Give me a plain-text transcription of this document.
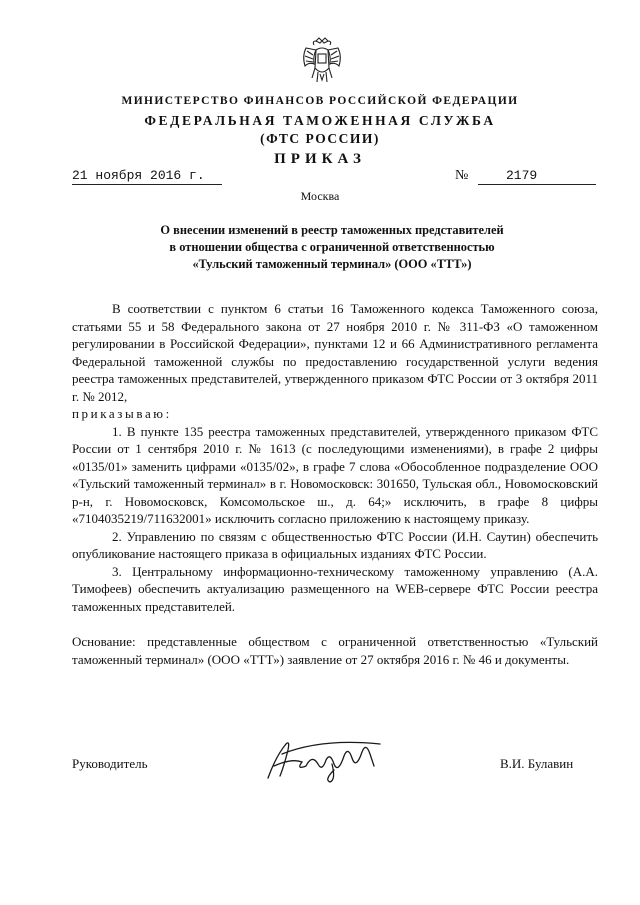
МИНИСТЕРСТВО ФИНАНСОВ РОССИЙСКОЙ ФЕДЕРАЦИИ
ФЕДЕРАЛЬНАЯ ТАМОЖЕННАЯ СЛУЖБА
(ФТС РОССИИ)
ПРИКАЗ
21 ноября 2016 г.	№	2179
Москва
О внесении изменений в реестр таможенных представителей
в отношении общества с ограниченной ответственностью
«Тульский таможенный терминал» (ООО «ТТТ»)

В соответствии с пунктом 6 статьи 16 Таможенного кодекса Таможенного союза, статьями 55 и 58 Федерального закона от 27 ноября 2010 г. № 311-ФЗ «О таможенном регулировании в Российской Федерации», пунктами 12 и 66 Административного регламента Федеральной таможенной службы по предоставлению государственной услуги ведения реестра таможенных представителей, утвержденного приказом ФТС России от 3 октября 2011 г. № 2012,

приказываю:

1. В пункте 135 реестра таможенных представителей, утвержденного приказом ФТС России от 1 сентября 2010 г. № 1613 (с последующими изменениями), в графе 2 цифры «0135/01» заменить цифрами «0135/02», в графе 7 слова «Обособленное подразделение ООО «Тульский таможенный терминал» в г. Новомосковск: 301650, Тульская обл., Новомосковский р-н, г. Новомосковск, Комсомольское ш., д. 64;» исключить, в графе 8 цифры «7104035219/711632001» исключить согласно приложению к настоящему приказу.

2. Управлению по связям с общественностью ФТС России (И.Н. Саутин) обеспечить опубликование настоящего приказа в официальных изданиях ФТС России.

3. Центральному информационно-техническому таможенному управлению (А.А. Тимофеев) обеспечить актуализацию размещенного на WEB-сервере ФТС России реестра таможенных представителей.

Основание: представленные обществом с ограниченной ответственностью «Тульский таможенный терминал» (ООО «ТТТ») заявление от 27 октября 2016 г. № 46 и документы.

Руководитель	В.И. Булавин
